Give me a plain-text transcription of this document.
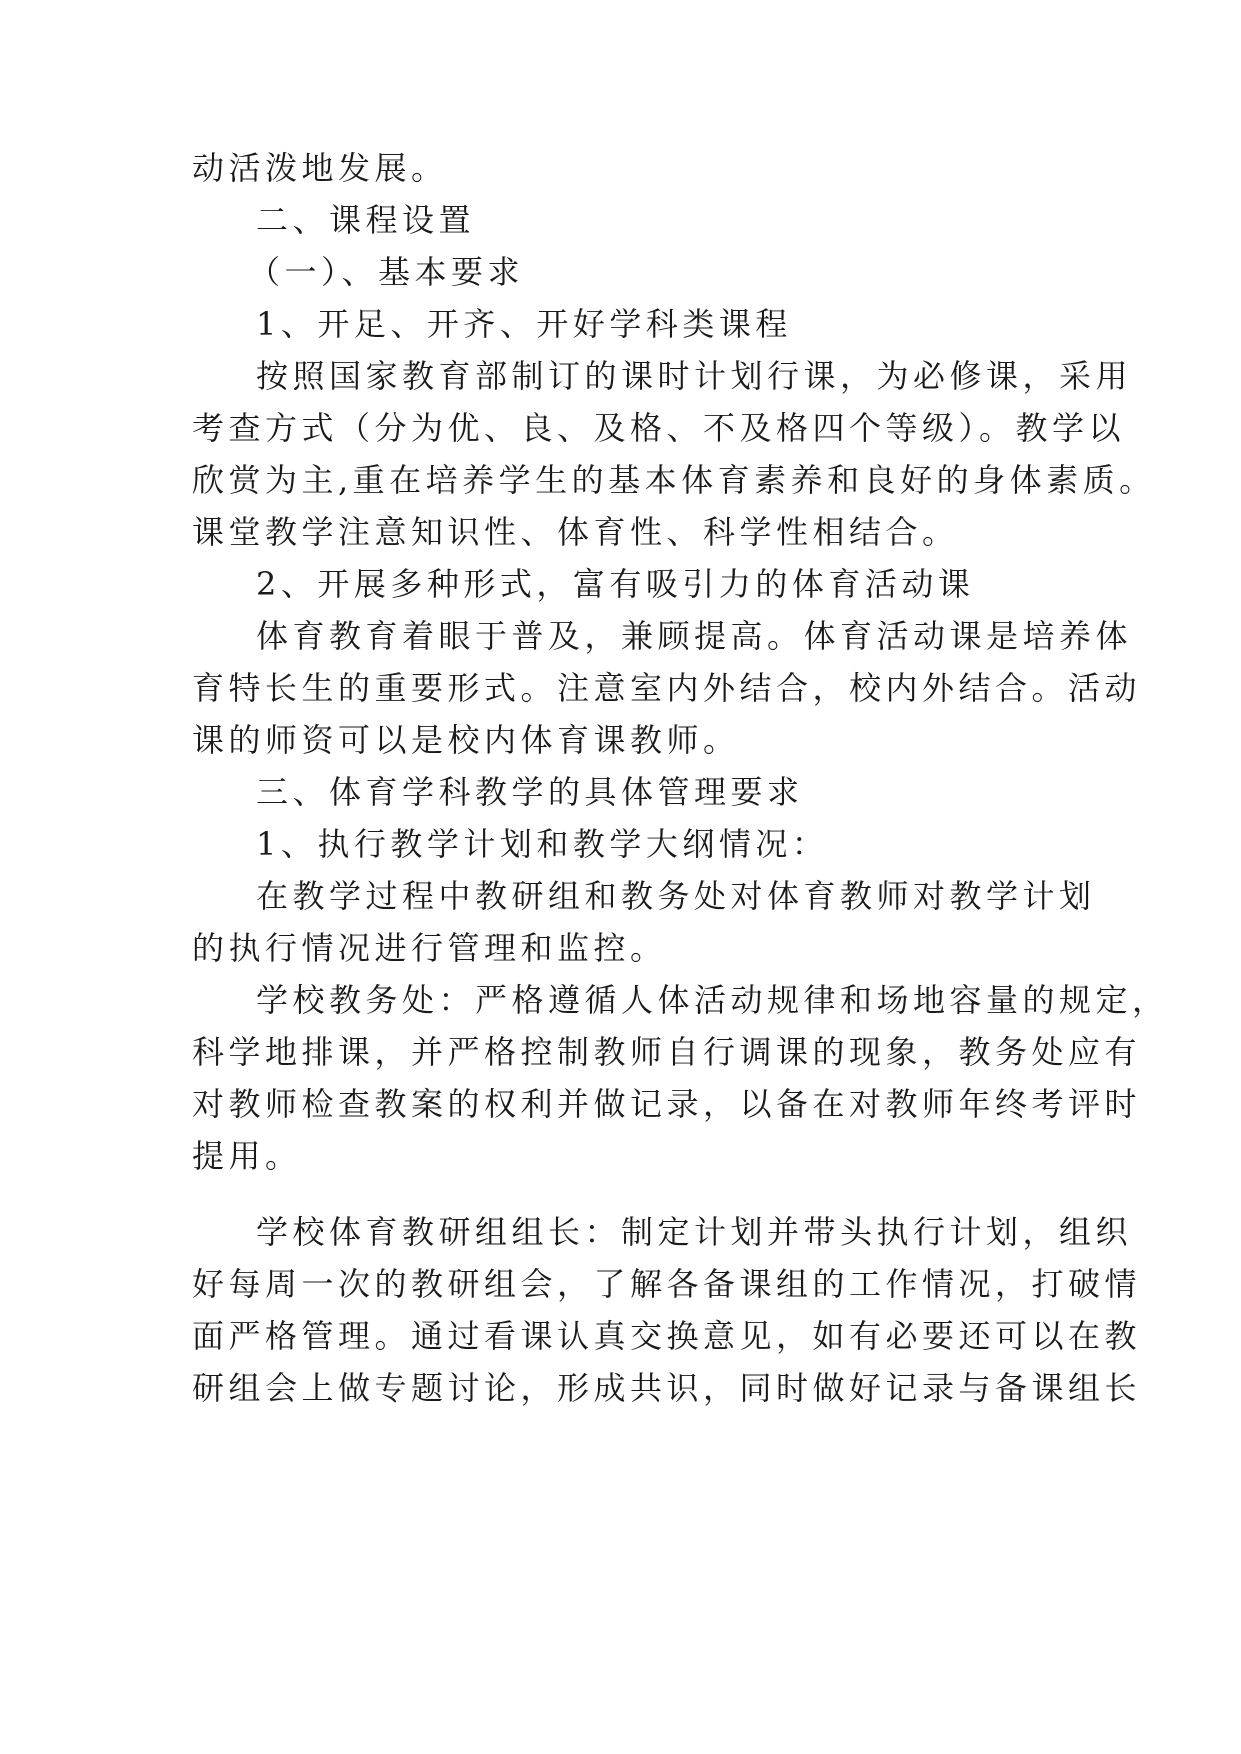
动活泼地发展。
二、课程设置
（一）、基本要求
1、开足、开齐、开好学科类课程
按照国家教育部制订的课时计划行课，为必修课，采用
考查方式（分为优、良、及格、不及格四个等级）。教学以
欣赏为主,重在培养学生的基本体育素养和良好的身体素质。
课堂教学注意知识性、体育性、科学性相结合。
2、开展多种形式，富有吸引力的体育活动课
体育教育着眼于普及，兼顾提高。体育活动课是培养体
育特长生的重要形式。注意室内外结合，校内外结合。活动
课的师资可以是校内体育课教师。
三、体育学科教学的具体管理要求
1、执行教学计划和教学大纲情况：
在教学过程中教研组和教务处对体育教师对教学计划
的执行情况进行管理和监控。
学校教务处：严格遵循人体活动规律和场地容量的规定，
科学地排课，并严格控制教师自行调课的现象，教务处应有
对教师检查教案的权利并做记录，以备在对教师年终考评时
提用。
学校体育教研组组长：制定计划并带头执行计划，组织
好每周一次的教研组会，了解各备课组的工作情况，打破情
面严格管理。通过看课认真交换意见，如有必要还可以在教
研组会上做专题讨论，形成共识，同时做好记录与备课组长
